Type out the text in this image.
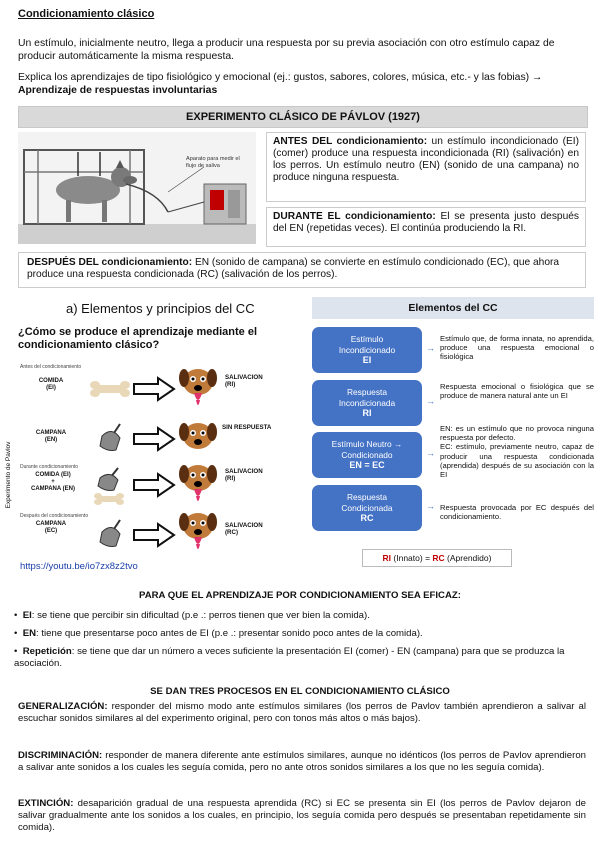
Condicionamiento clásico
Un estímulo, inicialmente neutro, llega a producir una respuesta por su previa asociación con otro estímulo capaz de producir automáticamente la misma respuesta.
Explica los aprendizajes de tipo fisiológico y emocional (ej.: gustos, sabores, colores, música, etc.- y las fobias) → Aprendizaje de respuestas involuntarias
EXPERIMENTO CLÁSICO DE PÁVLOV (1927)
Aparato para medir el flujo de saliva
ANTES DEL condicionamiento: un estímulo incondicionado (EI) (comer) produce una respuesta incondicionada (RI) (salivación) en los perros. Un estímulo neutro (EN) (sonido de una campana) no produce ninguna respuesta.
DURANTE EL condicionamiento: El se presenta justo después del EN (repetidas veces). El continúa produciendo la RI.
DESPUÉS DEL condicionamiento: EN (sonido de campana) se convierte en estímulo condicionado (EC), que ahora produce una respuesta condicionada (RC) (salivación de los perros).
a) Elementos y principios del CC
¿Cómo se produce el aprendizaje mediante el condicionamiento clásico?
Experimento de Pavlov
Antes del condicionamiento
COMIDA
(EI)
SALIVACION
(RI)
CAMPANA
(EN)
SIN RESPUESTA
Durante condicionamiento
COMIDA (EI)
+
CAMPANA (EN)
SALIVACION
(RI)
Después del condicionamiento
CAMPANA
(EC)
SALIVACION
(RC)
https://youtu.be/io7zx8z2tvo
Elementos del CC
Estímulo
Incondicionado
EI
→
Estímulo que, de forma innata, no aprendida, produce una respuesta emocional o fisiológica
Respuesta
Incondicionada
RI
→
Respuesta emocional o fisiológica que se produce de manera natural ante un EI
Estímulo Neutro →
Condicionado
EN = EC
→
EN: es un estímulo que no provoca ninguna respuesta por defecto.
EC: estímulo, previamente neutro, capaz de producir una respuesta condicionada (aprendida) después de su asociación con la EI
Respuesta
Condicionada
RC
→ Respuesta provocada por EC después del condicionamiento.
RI (Innato) = RC (Aprendido)
PARA QUE EL APRENDIZAJE POR CONDICIONAMIENTO SEA EFICAZ:
•  EI: se tiene que percibir sin dificultad (p.e .: perros tienen que ver bien la comida).
•  EN: tiene que presentarse poco antes de EI (p.e .: presentar sonido poco antes de la comida).
•  Repetición: se tiene que dar un número a veces suficiente la presentación EI (comer) - EN (campana) para que se produzca la asociación.
SE DAN TRES PROCESOS EN EL CONDICIONAMIENTO CLÁSICO
GENERALIZACIÓN: responder del mismo modo ante estímulos similares (los perros de Pavlov también aprendieron a salivar al escuchar sonidos similares al del experimento original, pero con tonos más altos o más bajos).
DISCRIMINACIÓN: responder de manera diferente ante estímulos similares, aunque no idénticos (los perros de Pavlov aprendieron a salivar ante sonidos a los cuales les seguía comida, pero no ante otros sonidos similares a los que no les seguía comida).
EXTINCIÓN: desaparición gradual de una respuesta aprendida (RC) si EC se presenta sin EI (los perros de Pavlov dejaron de salivar gradualmente ante los sonidos a los cuales, en principio, los seguía comida pero después se presentaban repetidamente sin comida).
